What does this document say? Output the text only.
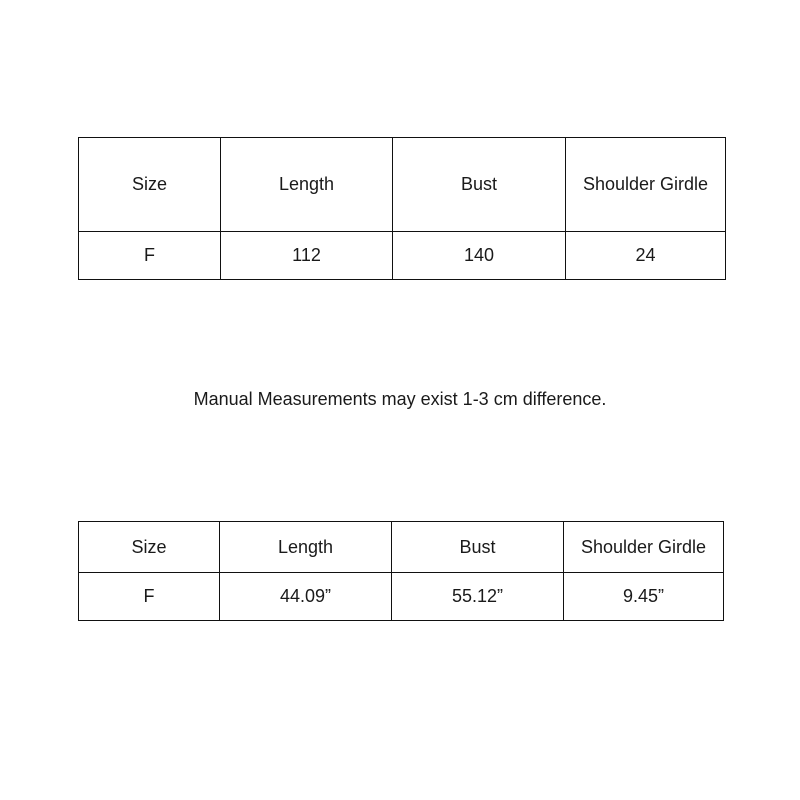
Size	Length	Bust	Shoulder Girdle
F	112	140	24
Manual Measurements may exist 1-3 cm difference.
Size	Length	Bust	Shoulder Girdle
F	44.09”	55.12”	9.45”
